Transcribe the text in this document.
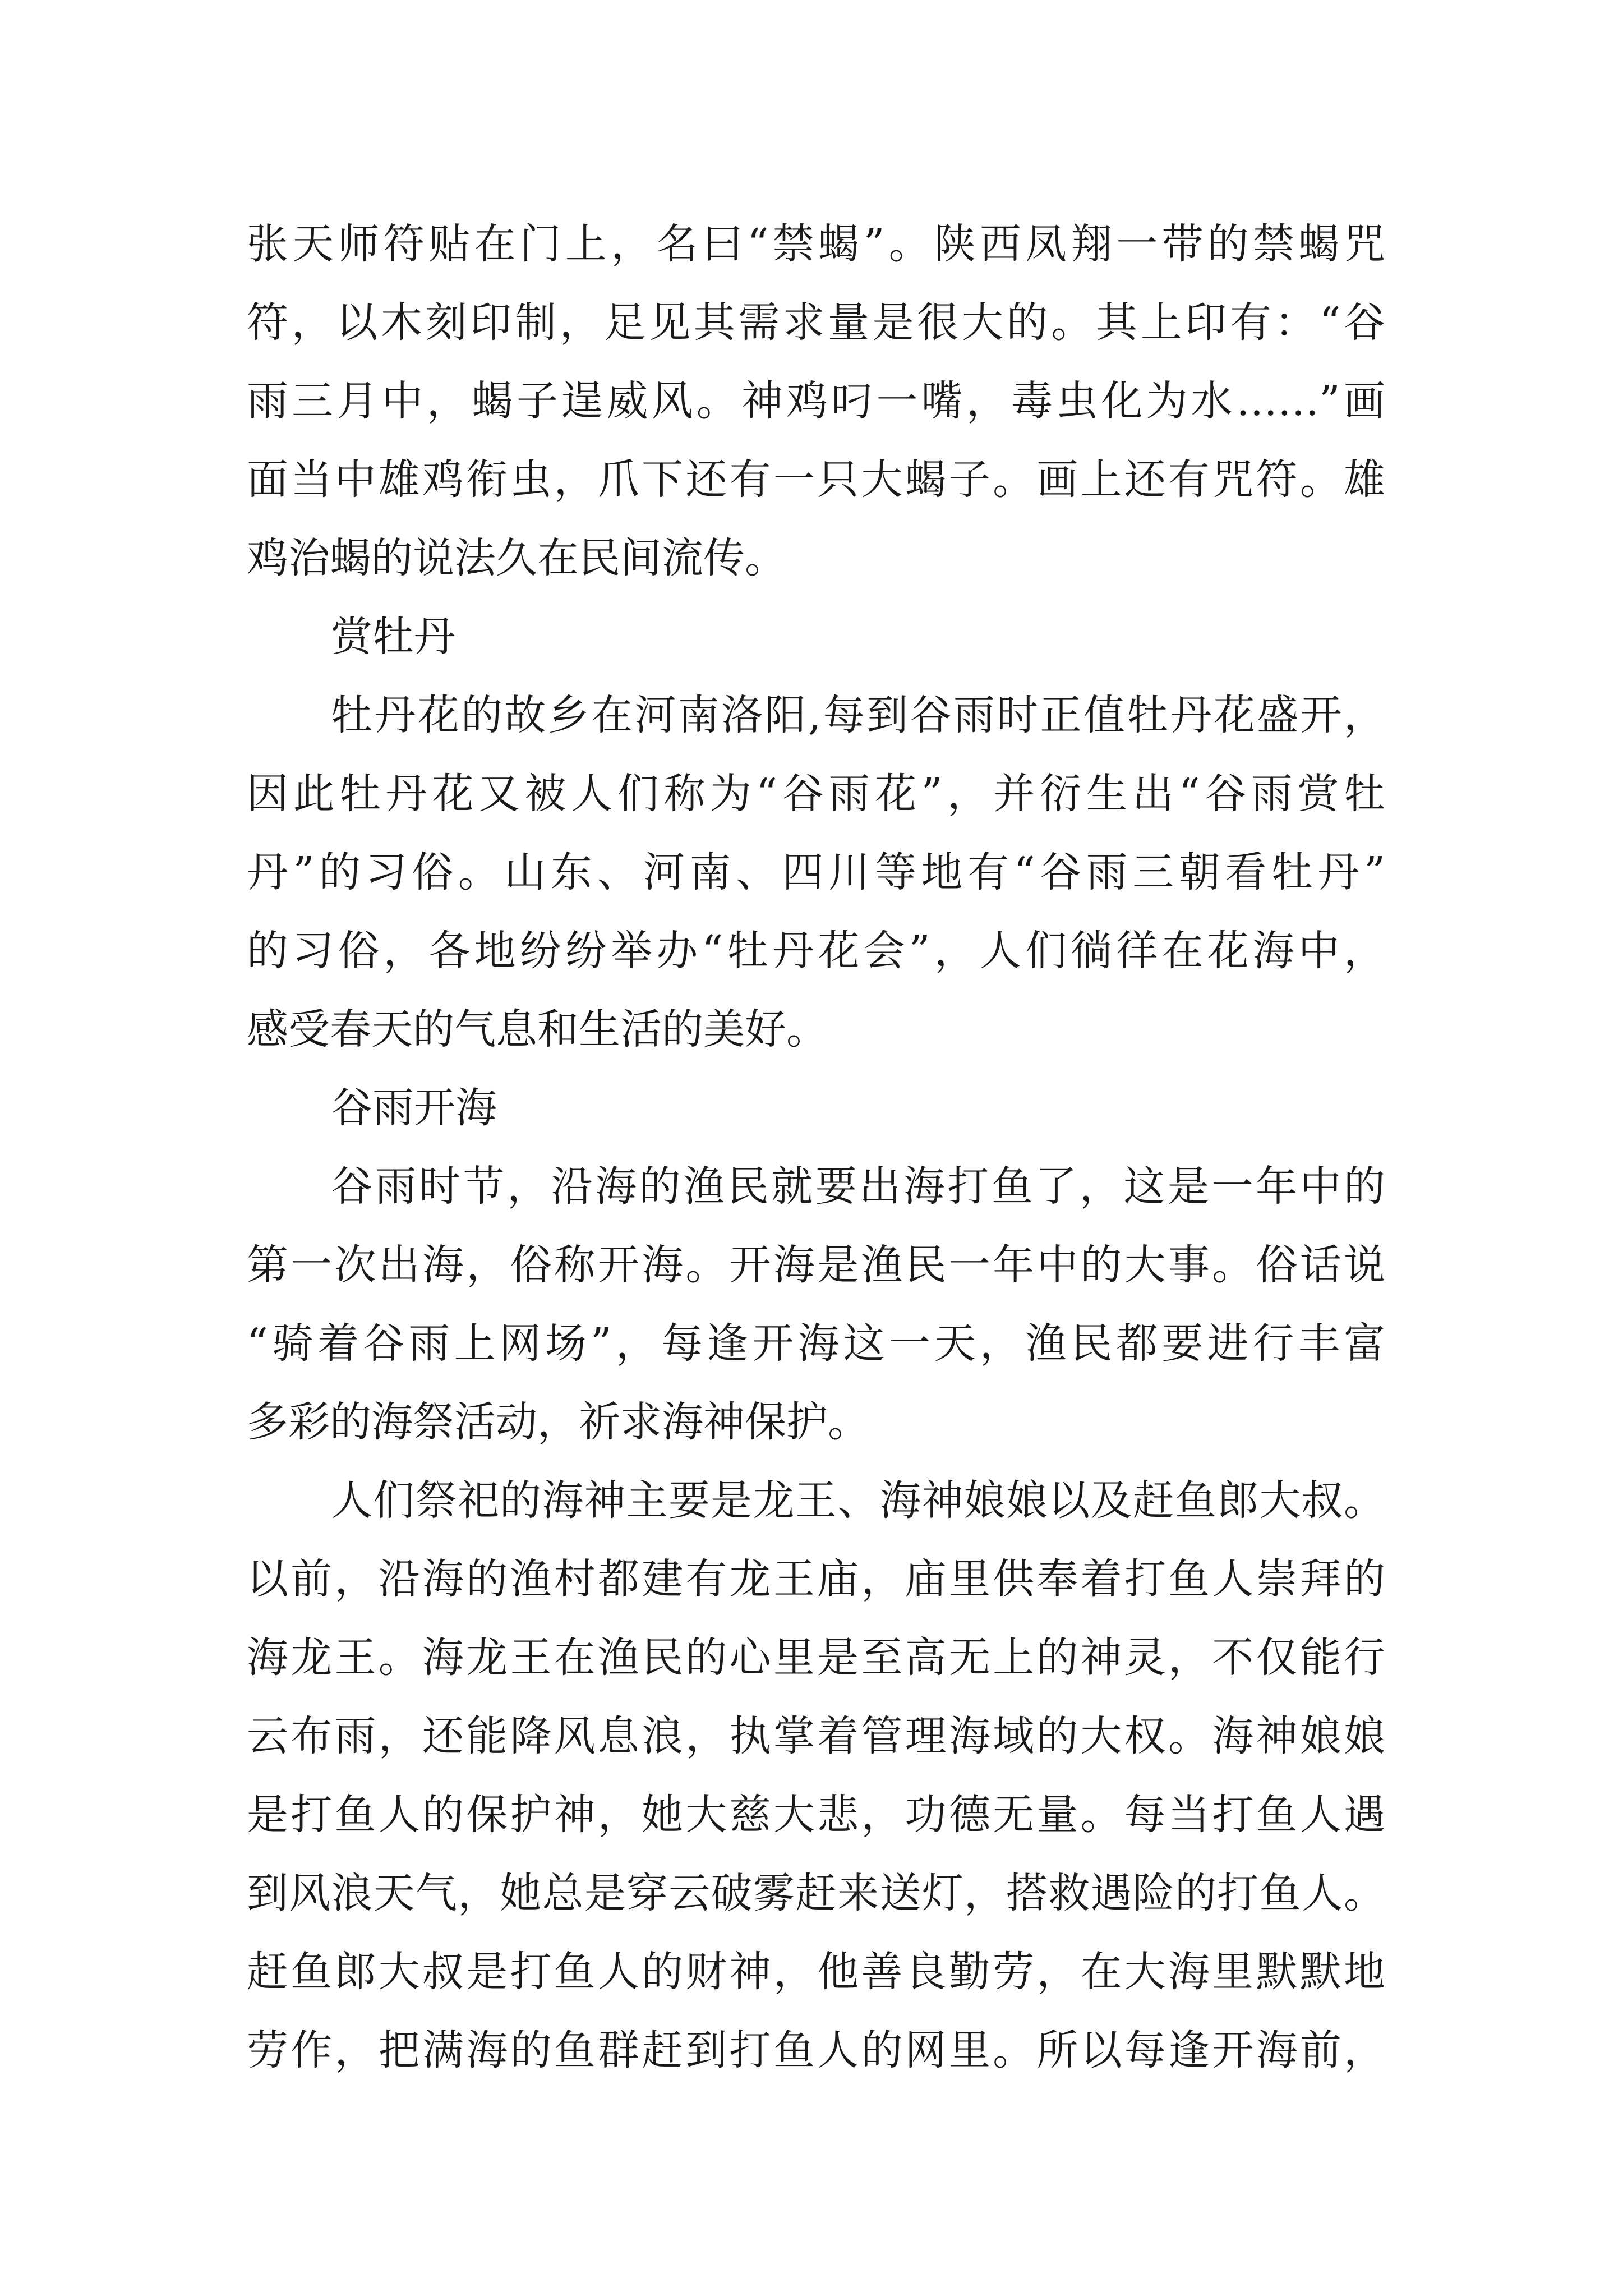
张天师符贴在门上，名曰“禁蝎”。陕西凤翔一带的禁蝎咒
符，以木刻印制，足见其需求量是很大的。其上印有：“谷
雨三月中，蝎子逞威风。神鸡叼一嘴，毒虫化为水……”画
面当中雄鸡衔虫，爪下还有一只大蝎子。画上还有咒符。雄
鸡治蝎的说法久在民间流传。
赏牡丹
牡丹花的故乡在河南洛阳,每到谷雨时正值牡丹花盛开，
因此牡丹花又被人们称为“谷雨花”，并衍生出“谷雨赏牡
丹”的习俗。山东、河南、四川等地有“谷雨三朝看牡丹”
的习俗，各地纷纷举办“牡丹花会”，人们徜徉在花海中，
感受春天的气息和生活的美好。
谷雨开海
谷雨时节，沿海的渔民就要出海打鱼了，这是一年中的
第一次出海，俗称开海。开海是渔民一年中的大事。俗话说
“骑着谷雨上网场”，每逢开海这一天，渔民都要进行丰富
多彩的海祭活动，祈求海神保护。
人们祭祀的海神主要是龙王、海神娘娘以及赶鱼郎大叔。
以前，沿海的渔村都建有龙王庙，庙里供奉着打鱼人崇拜的
海龙王。海龙王在渔民的心里是至高无上的神灵，不仅能行
云布雨，还能降风息浪，执掌着管理海域的大权。海神娘娘
是打鱼人的保护神，她大慈大悲，功德无量。每当打鱼人遇
到风浪天气，她总是穿云破雾赶来送灯，搭救遇险的打鱼人。
赶鱼郎大叔是打鱼人的财神，他善良勤劳，在大海里默默地
劳作，把满海的鱼群赶到打鱼人的网里。所以每逢开海前，
